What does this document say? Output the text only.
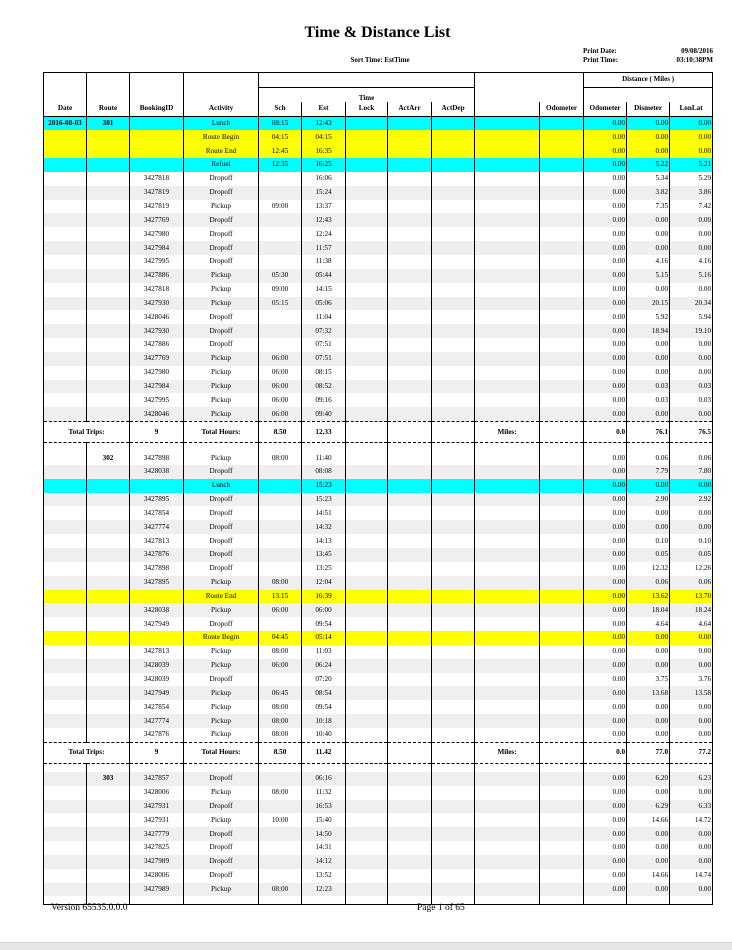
Time & Distance List
Sort Time: EstTime
Print Date:	09/08/2016
Print Time:	03:10:38PM
											Distance ( Miles )		
				Time									
Date	Route	BookingID	Activity	Sch	Est	Lock	ActArr	ActDep		Odometer	Odometer	Dismeter	LonLat
2016-08-03	301		Lunch	08:15	12:43						0.00	0.00	0.00
			Route Begin	04:15	04:15						0.00	0.00	0.00
			Route End	12:45	16:35						0.00	0.00	0.00
			Refuel	12:35	16:25						0.00	5.22	5.21
		3427818	Dropoff		16:06						0.00	5.34	5.29
		3427819	Dropoff		15:24						0.00	3.82	3.86
		3427819	Pickup	09:00	13:37						0.00	7.35	7.42
		3427769	Dropoff		12:43						0.00	0.00	0.00
		3427980	Dropoff		12:24						0.00	0.00	0.00
		3427984	Dropoff		11:57						0.00	0.00	0.00
		3427995	Dropoff		11:38						0.00	4.16	4.16
		3427886	Pickup	05:30	05:44						0.00	5.15	5.16
		3427818	Pickup	09:00	14:15						0.00	0.00	0.00
		3427930	Pickup	05:15	05:06						0.00	20.15	20.34
		3428046	Dropoff		11:04						0.00	5.92	5.94
		3427930	Dropoff		07:32						0.00	18.94	19.10
		3427886	Dropoff		07:51						0.00	0.00	0.00
		3427769	Pickup	06:00	07:51						0.00	0.00	0.00
		3427980	Pickup	06:00	08:15						0.00	0.00	0.00
		3427984	Pickup	06:00	08:52						0.00	0.03	0.03
		3427995	Pickup	06:00	09:16						0.00	0.03	0.03
		3428046	Pickup	06:00	09:40						0.00	0.00	0.00
Total Trips:		9	Total Hours:	8.50	12.33				Miles:		0.0	76.1	76.5

	302	3427898	Pickup	08:00	11:40						0.00	0.06	0.06
		3428038	Dropoff		08:08						0.00	7.79	7.80
			Lunch		15:23						0.00	0.00	0.00
		3427895	Dropoff		15:23						0.00	2.90	2.92
		3427854	Dropoff		14:51						0.00	0.00	0.00
		3427774	Dropoff		14:32						0.00	0.00	0.00
		3427813	Dropoff		14:13						0.00	0.10	0.10
		3427876	Dropoff		13:45						0.00	0.05	0.05
		3427898	Dropoff		13:25						0.00	12.32	12.26
		3427895	Pickup	08:00	12:04						0.00	0.06	0.06
			Route End	13:15	16:39						0.00	13.62	13.70
		3428038	Pickup	06:00	06:00						0.00	18.04	18.24
		3427949	Dropoff		09:54						0.00	4.64	4.64
			Route Begin	04:45	05:14						0.00	0.00	0.00
		3427813	Pickup	08:00	11:03						0.00	0.00	0.00
		3428039	Pickup	06:00	06:24						0.00	0.00	0.00
		3428039	Dropoff		07:20						0.00	3.75	3.76
		3427949	Pickup	06:45	08:54						0.00	13.68	13.58
		3427854	Pickup	08:00	09:54						0.00	0.00	0.00
		3427774	Pickup	08:00	10:18						0.00	0.00	0.00
		3427876	Pickup	08:00	10:40						0.00	0.00	0.00
Total Trips:		9	Total Hours:	8.50	11.42				Miles:		0.0	77.0	77.2

	303	3427857	Dropoff		06:16						0.00	6.20	6.23
		3428006	Pickup	08:00	11:32						0.00	0.00	0.00
		3427931	Dropoff		16:53						0.00	6.29	6.33
		3427931	Pickup	10:00	15:40						0.00	14.66	14.72
		3427779	Dropoff		14:50						0.00	0.00	0.00
		3427825	Dropoff		14:31						0.00	0.00	0.00
		3427989	Dropoff		14:12						0.00	0.00	0.00
		3428006	Dropoff		13:52						0.00	14.66	14.74
		3427989	Pickup	08:00	12:23						0.00	0.00	0.00

Version 65535.0.0.0	Page 1 of 65
